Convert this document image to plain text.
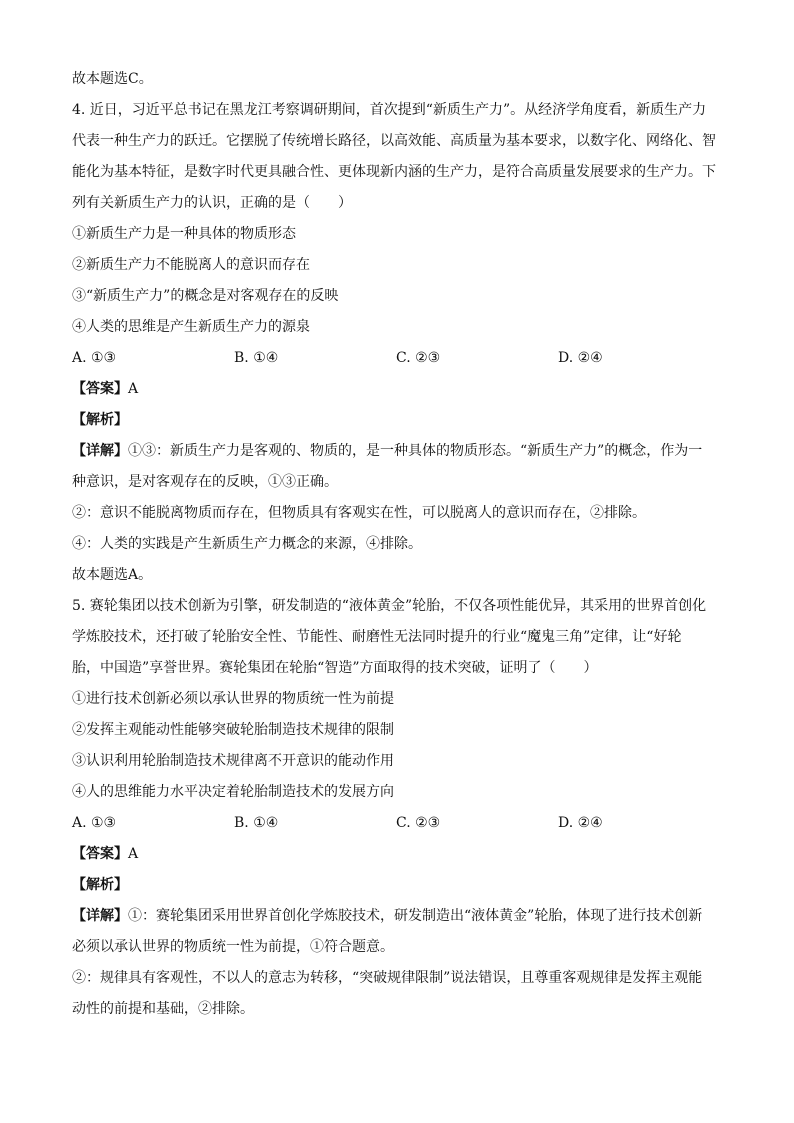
故本题选C。
4. 近日，习近平总书记在黑龙江考察调研期间，首次提到“新质生产力”。从经济学角度看，新质生产力
代表一种生产力的跃迁。它摆脱了传统增长路径，以高效能、高质量为基本要求，以数字化、网络化、智
能化为基本特征，是数字时代更具融合性、更体现新内涵的生产力，是符合高质量发展要求的生产力。下
列有关新质生产力的认识，正确的是（　　）
①新质生产力是一种具体的物质形态
②新质生产力不能脱离人的意识而存在
③“新质生产力”的概念是对客观存在的反映
④人类的思维是产生新质生产力的源泉
A. ①③	B. ①④	C. ②③	D. ②④
【答案】A
【解析】
【详解】①③：新质生产力是客观的、物质的，是一种具体的物质形态。“新质生产力”的概念，作为一
种意识，是对客观存在的反映，①③正确。
②：意识不能脱离物质而存在，但物质具有客观实在性，可以脱离人的意识而存在，②排除。
④：人类的实践是产生新质生产力概念的来源，④排除。
故本题选A。
5. 赛轮集团以技术创新为引擎，研发制造的“液体黄金”轮胎，不仅各项性能优异，其采用的世界首创化
学炼胶技术，还打破了轮胎安全性、节能性、耐磨性无法同时提升的行业“魔鬼三角”定律，让“好轮
胎，中国造”享誉世界。赛轮集团在轮胎“智造”方面取得的技术突破，证明了（　　）
①进行技术创新必须以承认世界的物质统一性为前提
②发挥主观能动性能够突破轮胎制造技术规律的限制
③认识利用轮胎制造技术规律离不开意识的能动作用
④人的思维能力水平决定着轮胎制造技术的发展方向
A. ①③	B. ①④	C. ②③	D. ②④
【答案】A
【解析】
【详解】①：赛轮集团采用世界首创化学炼胶技术，研发制造出“液体黄金”轮胎，体现了进行技术创新
必须以承认世界的物质统一性为前提，①符合题意。
②：规律具有客观性，不以人的意志为转移，“突破规律限制”说法错误，且尊重客观规律是发挥主观能
动性的前提和基础，②排除。
